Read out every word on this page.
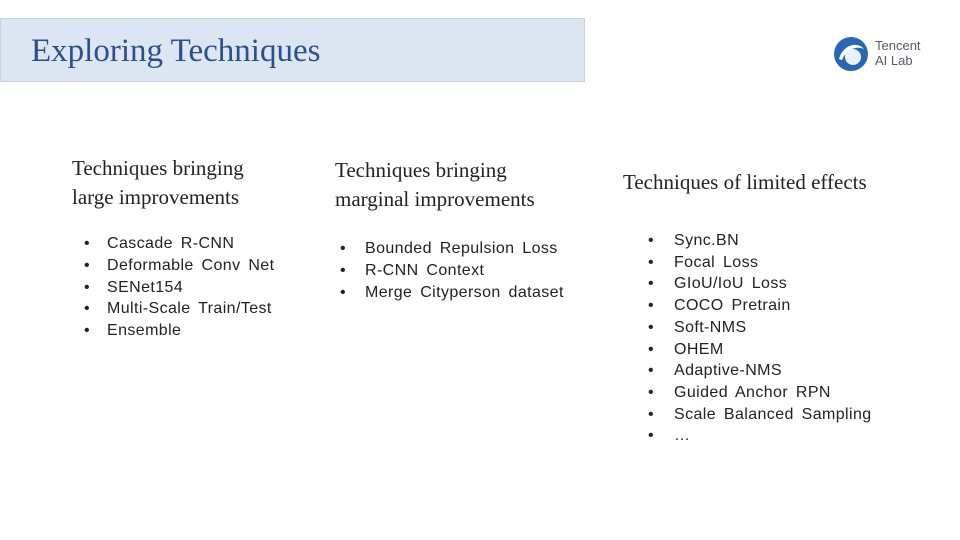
Exploring Techniques	Tencent
AI Lab
Techniques bringing
large improvements
• Cascade R-CNN
• Deformable Conv Net
• SENet154
• Multi-Scale Train/Test
• Ensemble
Techniques bringing
marginal improvements
• Bounded Repulsion Loss
• R-CNN Context
• Merge Cityperson dataset
Techniques of limited effects
• Sync.BN
• Focal Loss
• GIoU/IoU Loss
• COCO Pretrain
• Soft-NMS
• OHEM
• Adaptive-NMS
• Guided Anchor RPN
• Scale Balanced Sampling
• …
